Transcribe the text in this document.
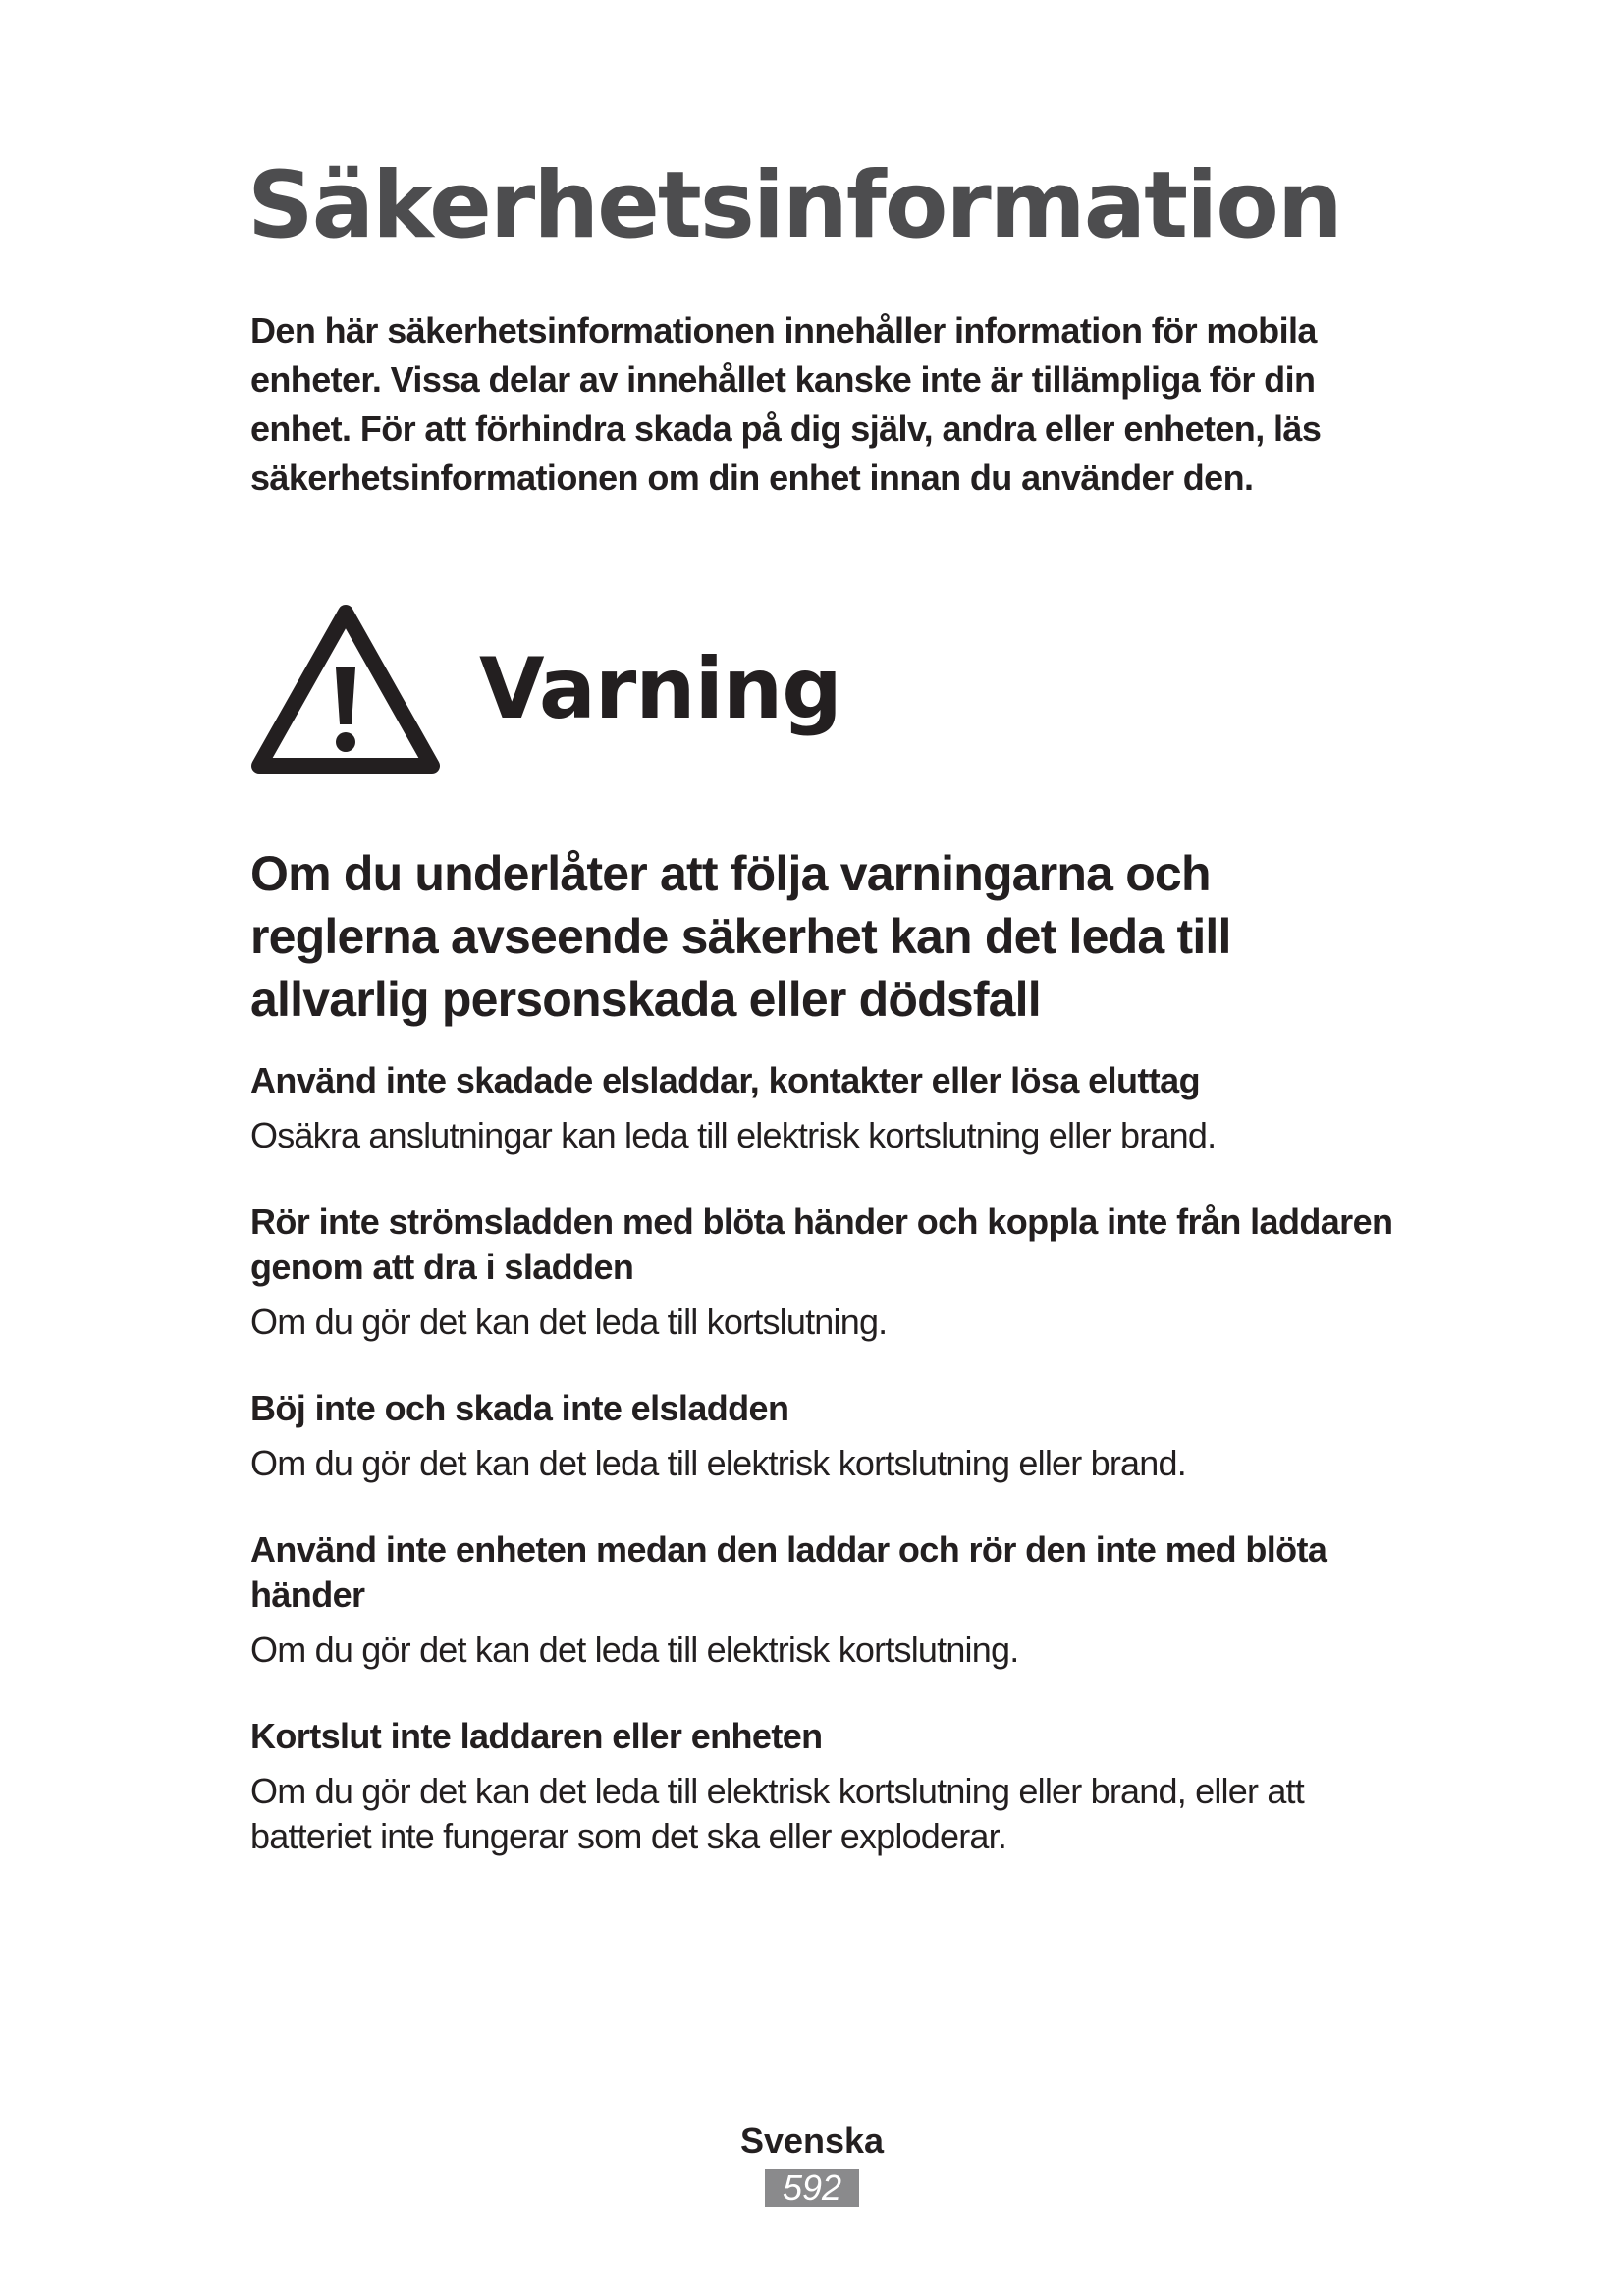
Säkerhetsinformation

Den här säkerhetsinformationen innehåller information för mobila enheter. Vissa delar av innehållet kanske inte är tillämpliga för din enhet. För att förhindra skada på dig själv, andra eller enheten, läs säkerhetsinformationen om din enhet innan du använder den.

Varning

Om du underlåter att följa varningarna och reglerna avseende säkerhet kan det leda till allvarlig personskada eller dödsfall

Använd inte skadade elsladdar, kontakter eller lösa eluttag

Osäkra anslutningar kan leda till elektrisk kortslutning eller brand.

Rör inte strömsladden med blöta händer och koppla inte från laddaren genom att dra i sladden

Om du gör det kan det leda till kortslutning.

Böj inte och skada inte elsladden

Om du gör det kan det leda till elektrisk kortslutning eller brand.

Använd inte enheten medan den laddar och rör den inte med blöta händer

Om du gör det kan det leda till elektrisk kortslutning.

Kortslut inte laddaren eller enheten

Om du gör det kan det leda till elektrisk kortslutning eller brand, eller att batteriet inte fungerar som det ska eller exploderar.

Svenska
592
